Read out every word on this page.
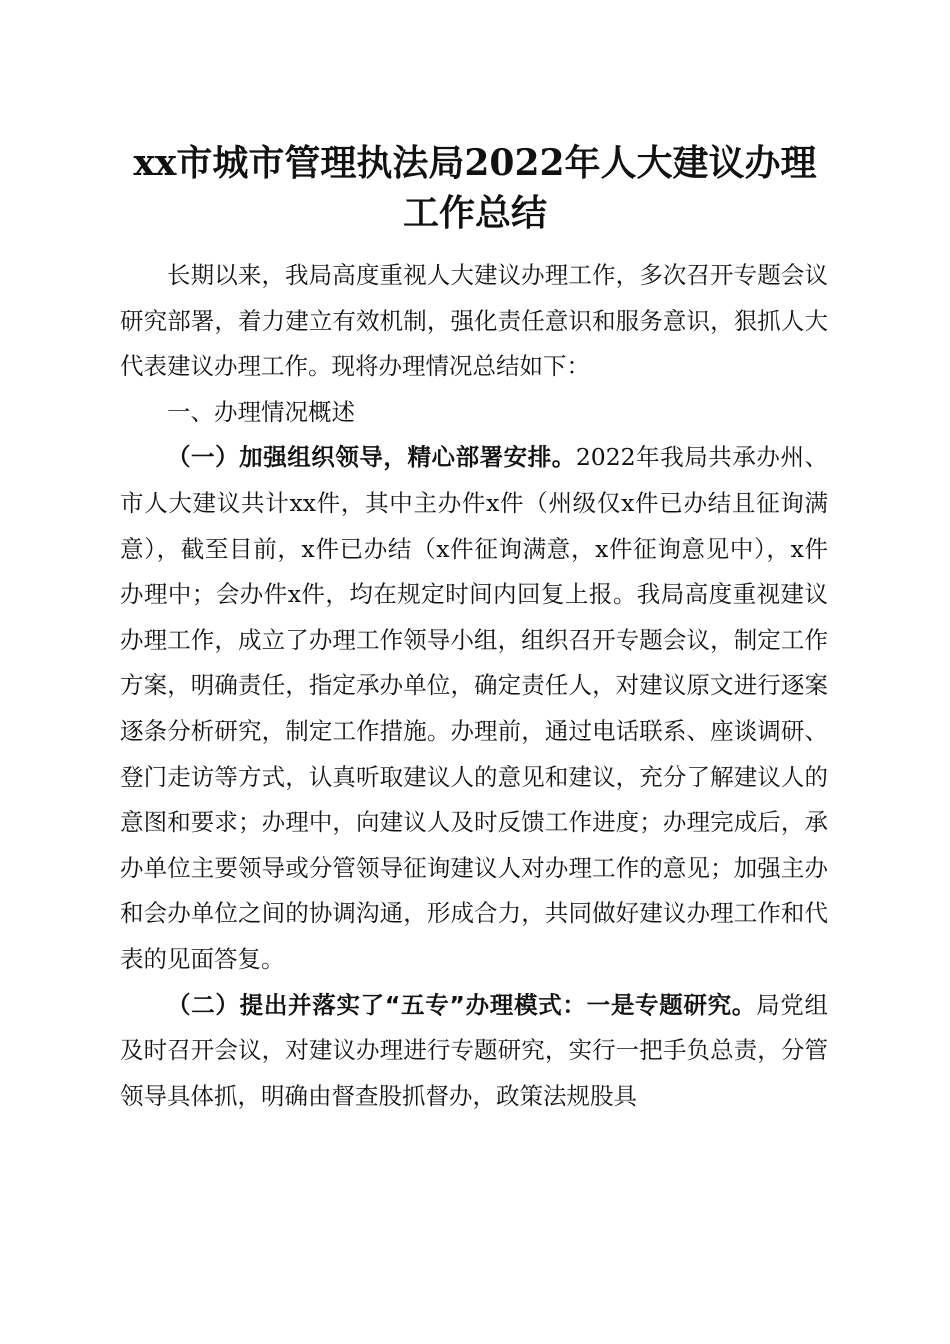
xx市城市管理执法局2022年人大建议办理工作总结

长期以来，我局高度重视人大建议办理工作，多次召开专题会议研究部署，着力建立有效机制，强化责任意识和服务意识，狠抓人大代表建议办理工作。现将办理情况总结如下：

一、办理情况概述

（一）加强组织领导，精心部署安排。2022年我局共承办州、市人大建议共计xx件，其中主办件x件（州级仅x件已办结且征询满意），截至目前，x件已办结（x件征询满意，x件征询意见中），x件办理中；会办件x件，均在规定时间内回复上报。我局高度重视建议办理工作，成立了办理工作领导小组，组织召开专题会议，制定工作方案，明确责任，指定承办单位，确定责任人，对建议原文进行逐案逐条分析研究，制定工作措施。办理前，通过电话联系、座谈调研、登门走访等方式，认真听取建议人的意见和建议，充分了解建议人的意图和要求；办理中，向建议人及时反馈工作进度；办理完成后，承办单位主要领导或分管领导征询建议人对办理工作的意见；加强主办和会办单位之间的协调沟通，形成合力，共同做好建议办理工作和代表的见面答复。

（二）提出并落实了“五专”办理模式：一是专题研究。局党组及时召开会议，对建议办理进行专题研究，实行一把手负总责，分管领导具体抓，明确由督查股抓督办，政策法规股具
